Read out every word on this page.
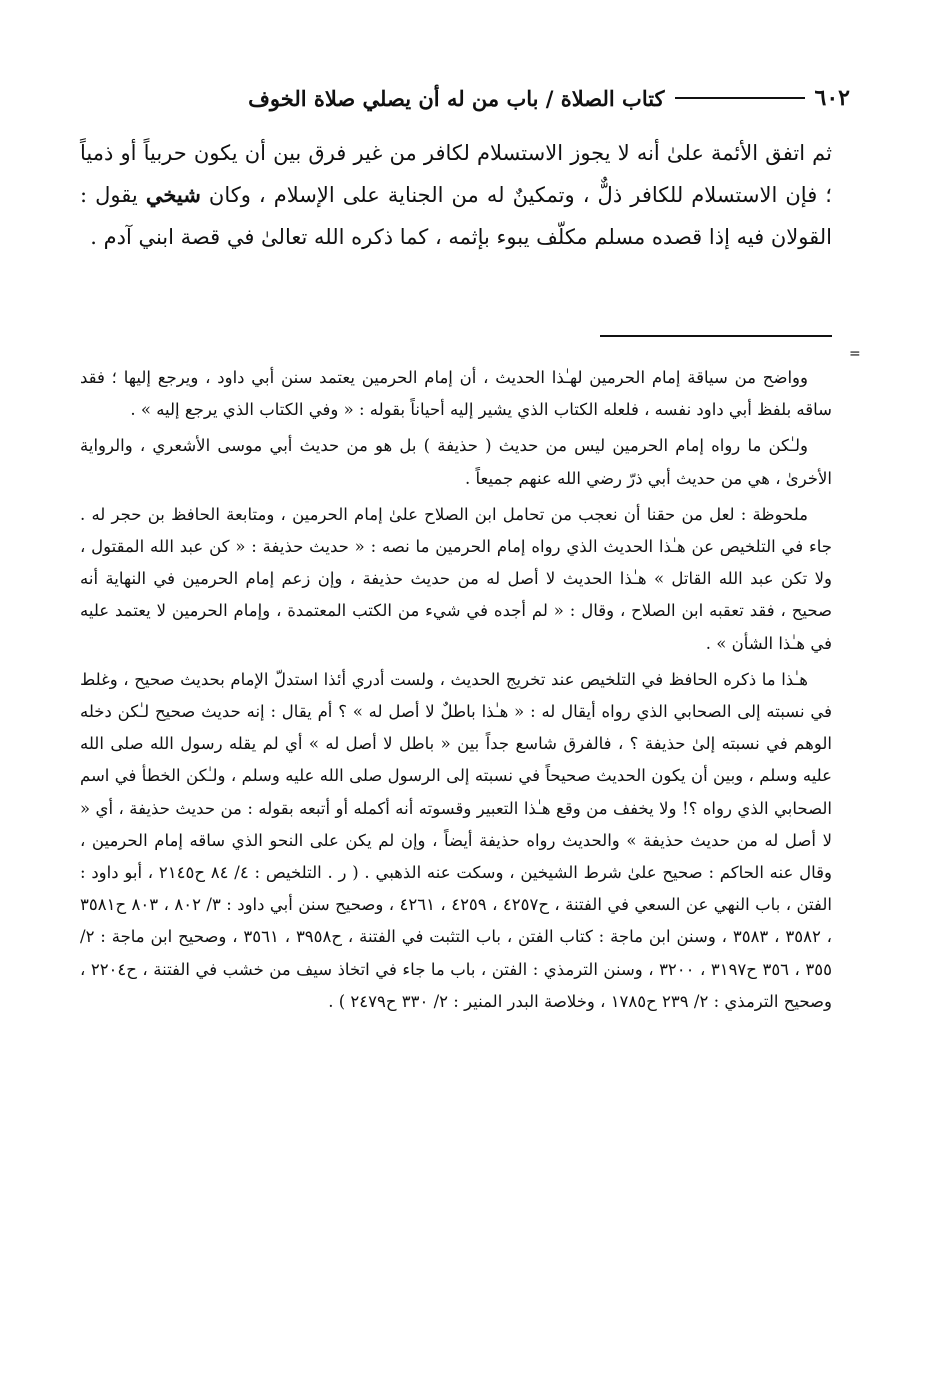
٦٠٢
كتاب الصلاة / باب من له أن يصلي صلاة الخوف
ثم اتفق الأئمة علىٰ أنه لا يجوز الاستسلام لكافر من غير فرق بين أن يكون حربياً أو ذمياً ؛ فإن الاستسلام للكافر ذلٌّ ، وتمكينٌ له من الجناية على الإسلام ، وكان شيخي يقول : القولان فيه إذا قصده مسلم مكلّف يبوء بإثمه ، كما ذكره الله تعالىٰ في قصة ابني آدم .
=

وواضح من سياقة إمام الحرمين لهـٰذا الحديث ، أن إمام الحرمين يعتمد سنن أبي داود ، ويرجع إليها ؛ فقد ساقه بلفظ أبي داود نفسه ، فلعله الكتاب الذي يشير إليه أحياناً بقوله : « وفي الكتاب الذي يرجع إليه » .

ولـٰكن ما رواه إمام الحرمين ليس من حديث ( حذيفة ) بل هو من حديث أبي موسى الأشعري ، والرواية الأخرىٰ ، هي من حديث أبي ذرّ رضي الله عنهم جميعاً .

ملحوظة : لعل من حقنا أن نعجب من تحامل ابن الصلاح علىٰ إمام الحرمين ، ومتابعة الحافظ بن حجر له . جاء في التلخيص عن هـٰذا الحديث الذي رواه إمام الحرمين ما نصه : « حديث حذيفة : « كن عبد الله المقتول ، ولا تكن عبد الله القاتل » هـٰذا الحديث لا أصل له من حديث حذيفة ، وإن زعم إمام الحرمين في النهاية أنه صحيح ، فقد تعقبه ابن الصلاح ، وقال : « لم أجده في شيء من الكتب المعتمدة ، وإمام الحرمين لا يعتمد عليه في هـٰذا الشأن » .

هـٰذا ما ذكره الحافظ في التلخيص عند تخريج الحديث ، ولست أدري أئذا استدلّ الإمام بحديث صحيح ، وغلط في نسبته إلى الصحابي الذي رواه أيقال له : « هـٰذا باطلٌ لا أصل له » ؟ أم يقال : إنه حديث صحيح لـٰكن دخله الوهم في نسبته إلىٰ حذيفة ؟ ، فالفرق شاسع جداً بين « باطل لا أصل له » أي لم يقله رسول الله صلى الله عليه وسلم ، وبين أن يكون الحديث صحيحاً في نسبته إلى الرسول صلى الله عليه وسلم ، ولـٰكن الخطأ في اسم الصحابي الذي رواه ؟! ولا يخفف من وقع هـٰذا التعبير وقسوته أنه أكمله أو أتبعه بقوله : من حديث حذيفة ، أي « لا أصل له من حديث حذيفة » والحديث رواه حذيفة أيضاً ، وإن لم يكن على النحو الذي ساقه إمام الحرمين ، وقال عنه الحاكم : صحيح علىٰ شرط الشيخين ، وسكت عنه الذهبي . ( ر . التلخيص : ٤/ ٨٤ ح٢١٤٥ ، أبو داود : الفتن ، باب النهي عن السعي في الفتنة ، ح٤٢٥٧ ، ٤٢٥٩ ، ٤٢٦١ ، وصحيح سنن أبي داود : ٣/ ٨٠٢ ، ٨٠٣ ح٣٥٨١ ، ٣٥٨٢ ، ٣٥٨٣ ، وسنن ابن ماجة : كتاب الفتن ، باب التثبت في الفتنة ، ح٣٩٥٨ ، ٣٥٦١ ، وصحيح ابن ماجة : ٢/ ٣٥٥ ، ٣٥٦ ح٣١٩٧ ، ٣٢٠٠ ، وسنن الترمذي : الفتن ، باب ما جاء في اتخاذ سيف من خشب في الفتنة ، ح٢٢٠٤ ، وصحيح الترمذي : ٢/ ٢٣٩ ح١٧٨٥ ، وخلاصة البدر المنير : ٢/ ٣٣٠ ح٢٤٧٩ ) .
